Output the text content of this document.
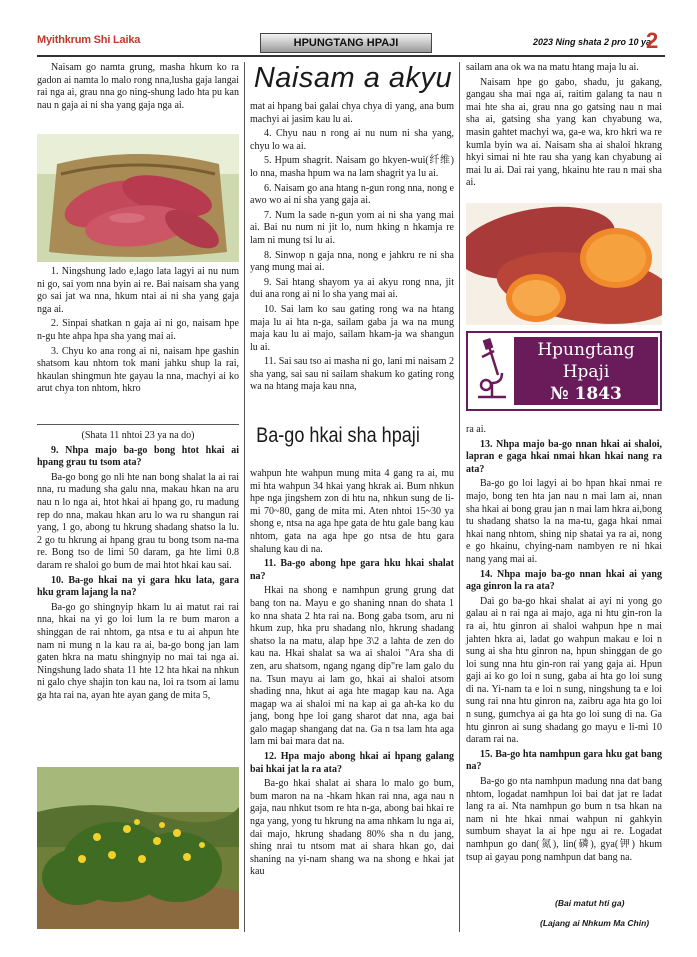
Myithkrum Shi Laika	HPUNGTANG HPAJI	2023 Ning shata 2 pro 10 ya
2

Naisam go namta grung, masha hkum ko ra gadon ai namta lo malo rong nna,lusha gaja langai rai nga ai, grau nna go ning-shung lado hta pu kan nau n gaja ai ni sha yang gaja nga ai.

1. Ningshung lado e,lago lata lagyi ai nu num ni go, sai yom nna byin ai re. Bai naisam sha yang go sai jat wa nna, hkum ntai ai ni sha yang gaja nga ai.

2. Sinpai shatkan n gaja ai ni go, naisam hpe n-gu hte ahpa hpa sha yang mai ai.

3. Chyu ko ana rong ai ni, naisam hpe gashin shatsom kau nhtom tok mani jahku shup la rai, hkaulan shingmun hte gayau la nna, machyi ai ko arut chya ton nhtom, hkro

(Shata 11 nhtoi 23 ya na do)

9. Nhpa majo ba-go bong htot hkai ai hpang grau tu tsom ata?

Ba-go bong go nli hte nan bong shalat la ai rai nna, ru madung sha galu nna, makau hkan na aru nau n lo nga ai, htot hkai ai hpang go, ru madung rep do nna, makau hkan aru lo wa ru shangun rai yang, 1 go, abong tu hkrung shadang shatso la lu. 2 go tu hkrung ai hpang grau tu bong tsom na-ma re. Bong tso de limi 50 daram, ga hte limi 0.8 daram re shaloi go bum de mai htot hkai kau sai.

10. Ba-go hkai na yi gara hku lata, gara hku gram lajang la na?

Ba-go go shingnyip hkam lu ai matut rai rai nna, hkai na yi go loi lum la re bum maron a shinggan de rai nhtom, ga ntsa e tu ai ahpun hte nam ni mung n la kau ra ai, ba-go bong jan lam gaten hkra na matu shingnyip no mai tai nga ai. Ningshung lado shata 11 hte 12 hta hkai na nhkun ni galo chye shajin ton kau na, loi ra tsom ai lamu ga hta rai na, ayan hte ayan gang de mita 5,

Naisam a akyu

mat ai hpang bai galai chya chya di yang, ana bum machyi ai jasim kau lu ai.

4. Chyu nau n rong ai nu num ni sha yang, chyu lo wa ai.

5. Hpum shagrit. Naisam go hkyen-wui(纤维) lo nna, masha hpum wa na lam shagrit ya lu ai.

6. Naisam go ana htang n-gun rong nna, nong e awo wo ai ni sha yang gaja ai.

7. Num la sade n-gun yom ai ni sha yang mai ai. Bai nu num ni jit lo, num hking n hkamja re lam ni mung tsi lu ai.

8. Sinwop n gaja nna, nong e jahkru re ni sha yang mung mai ai.

9. Sai htang shayom ya ai akyu rong nna, jit dui ana rong ai ni lo sha yang mai ai.

10. Sai lam ko sau gating rong wa na htang maja lu ai hta n-ga, sailam gaba ja wa na mung maja kau lu ai majo, sailam hkam-ja wa shangun lu ai.

11. Sai sau tso ai masha ni go, lani mi naisam 2 sha yang, sai sau ni sailam shakum ko gating rong wa na htang maja kau nna,

Ba-go hkai sha hpaji

wahpun hte wahpun mung mita 4 gang ra ai, mu mi hta wahpun 34 hkai yang hkrak ai. Bum nhkun hpe nga jingshem zon di htu na, nhkun sung de li-mi 70~80, gang de mita mi. Aten nhtoi 15~30 ya shong e, ntsa na aga hpe gata de htu gale bang kau nhtom, gata na aga hpe go ntsa de htu gara shalung kau di na.

11. Ba-go abong hpe gara hku hkai shalat na?

Hkai na shong e namhpun grung grung dat bang ton na. Mayu e go shaning nnan do shata 1 ko nna shata 2 hta rai na. Bong gaba tsom, aru ni hkum zup, hka pru shadang nlo, hkrung shadang shatso la na matu, alap hpe 3\2 a lahta de zen do kau na. Hkai shalat sa wa ai shaloi "Ara sha di zen, aru shatsom, ngang ngang dip"re lam galo du na. Tsun mayu ai lam go, hkai ai shaloi atsom shading nna, hkut ai aga hte magap kau na. Aga magap wa ai shaloi mi na kap ai ga ah-ka ko du jang, bong hpe loi gang sharot dat nna, aga bai galo magap shangang dat na. Ga n tsa lam hta aga lam mi bai mara dat na.

12. Hpa majo abong hkai ai hpang galang bai hkai jat la ra ata?

Ba-go hkai shalat ai shara lo malo go bum, bum maron na na -hkam hkan rai nna, aga nau n gaja, nau nhkut tsom re hta n-ga, abong bai hkai re nga yang, yong tu hkrung na ama nhkam lu nga ai, dai majo, hkrung shadang 80% sha n du jang, shing nrai tu ntsom mat ai shara hkan go, dai shaning na yi-nam shang wa na shong e hkai jat kau

sailam ana ok wa na matu htang maja lu ai.

Naisam hpe go gabo, shadu, ju gakang, gangau sha mai nga ai, raitim galang ta nau n mai hte sha ai, grau nna go gatsing nau n mai sha ai, gatsing sha yang kan chyabung wa, masin gahtet machyi wa, ga-e wa, kro hkri wa re kumla byin wa ai. Naisam sha ai shaloi hkrang hkyi simai ni hte rau sha yang kan chyabung ai mai lu ai. Dai rai yang, hkainu hte rau n mai sha ai.

Hpungtang
Hpaji
№ 1843

ra ai.

13. Nhpa majo ba-go nnan hkai ai shaloi, lapran e gaga hkai nmai hkan hkai nang ra ata?

Ba-go go loi lagyi ai bo hpan hkai nmai re majo, bong ten hta jan nau n mai lam ai, nnan sha hkai ai bong grau jan n mai lam hkra ai,bong tu shadang shatso la na ma-tu, gaga hkai nmai hkai nang nhtom, shing nip shatai ya ra ai, nong e go hkainu, chying-nam nambyen re ni hkai nang yang mai ai.

14. Nhpa majo ba-go nnan hkai ai yang aga ginron la ra ata?

Dai go ba-go hkai shalat ai ayi ni yong go galau ai n rai nga ai majo, aga ni htu gin-ron la ra ai, htu ginron ai shaloi wahpun hpe n mai jahten hkra ai, ladat go wahpun makau e loi n sung ai sha htu ginron na, hpun shinggan de go loi sung nna htu gin-ron rai yang gaja ai. Hpun gaji ai ko go loi n sung, gaba ai hta go loi sung di na. Yi-nam ta e loi n sung, ningshung ta e loi sung rai nna htu ginron na, zaibru aga hta go loi n sung, gumchya ai ga hta go loi sung di na. Ga htu ginron ai sung shadang go mayu e li-mi 10 daram rai na.

15. Ba-go hta namhpun gara hku gat bang na?

Ba-go go nta namhpun madung nna dat bang nhtom, logadat namhpun loi bai dat jat re ladat lang ra ai. Nta namhpun go bum n tsa hkan na nam ni hte hkai nmai wahpun ni gahkyin sumbum shayat la ai hpe ngu ai re. Logadat namhpun go dan(氮), lin(磷), gya(钾) hkum tsup ai gayau pong namhpun dat bang na.

(Bai matut hti ga)
(Lajang ai Nhkum Ma Chin)
